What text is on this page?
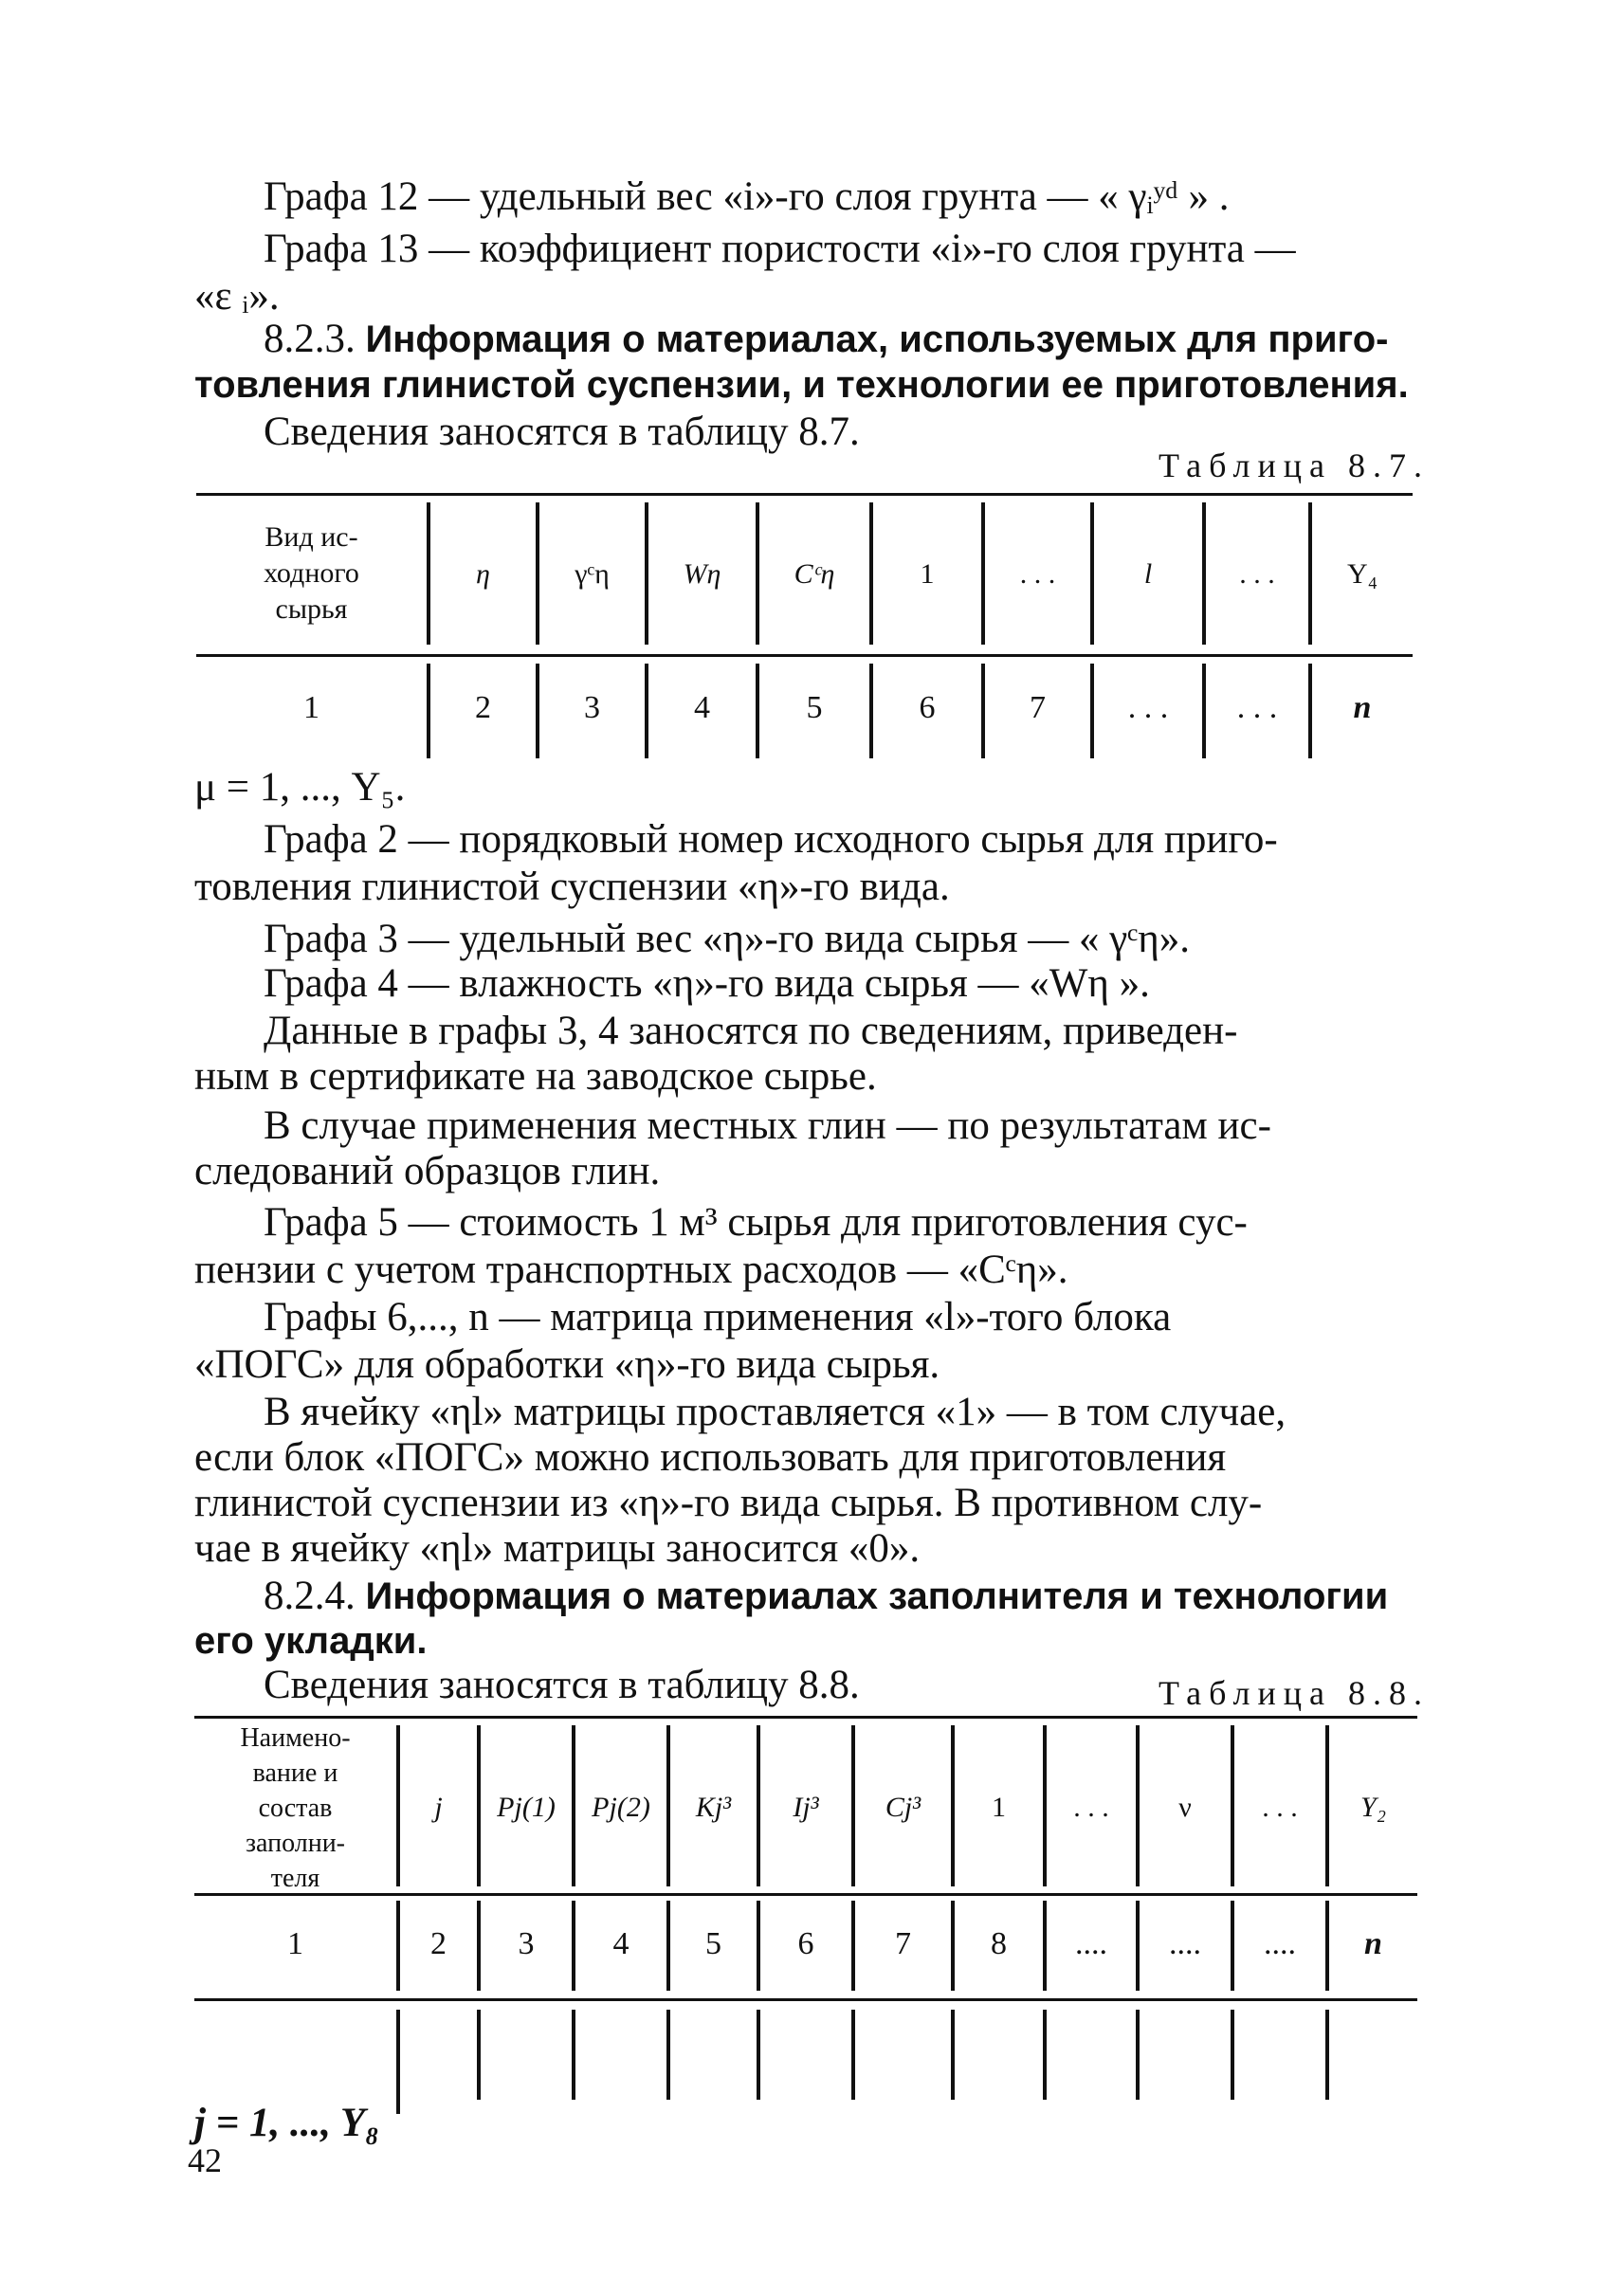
Графа 12 — удельный вес «i»-го слоя грунта — « γᵢʸᵈ » .
Графа 13 — коэффициент пористости «i»-го слоя грунта —
«ε ᵢ».
8.2.3. Информация о материалах, используемых для приго-
товления глинистой суспензии, и технологии ее приготовления.
Сведения заносятся в таблицу 8.7.
Таблица 8.7.
Вид ис-
ходного
сырья
η	γᶜη	Wη	Cᶜη	1	. . .	l	. . .	Y₄
1	2	3	4	5	6	7	. . .	. . .	n
μ = 1, ..., Y₅.
Графа 2 — порядковый номер исходного сырья для приго-
товления глинистой суспензии «η»-го вида.
Графа 3 — удельный вес «η»-го вида сырья — « γᶜη».
Графа 4 — влажность «η»-го вида сырья — «Wη ».
Данные в графы 3, 4 заносятся по сведениям, приведен-
ным в сертификате на заводское сырье.
В случае применения местных глин — по результатам ис-
следований образцов глин.
Графа 5 — стоимость 1 м³ сырья для приготовления сус-
пензии с учетом транспортных расходов — «Cᶜη».
Графы 6,..., n — матрица применения «l»-того блока
«ПОГС» для обработки «η»-го вида сырья.
В ячейку «ηl» матрицы проставляется «1» — в том случае,
если блок «ПОГС» можно использовать для приготовления
глинистой суспензии из «η»-го вида сырья. В противном слу-
чае в ячейку «ηl» матрицы заносится «0».
8.2.4. Информация о материалах заполнителя и технологии
его укладки.
Сведения заносятся в таблицу 8.8.	Таблица 8.8.
Наимено-
вание и
состав
заполни-
теля
j	Pj(1)	Pj(2)	Kj³	Ij³	Cj³	1	. . .	ν	. . .	Y₂
1	2	3	4	5	6	7	8	....	....	....	n
j = 1, ..., Y₈
42
